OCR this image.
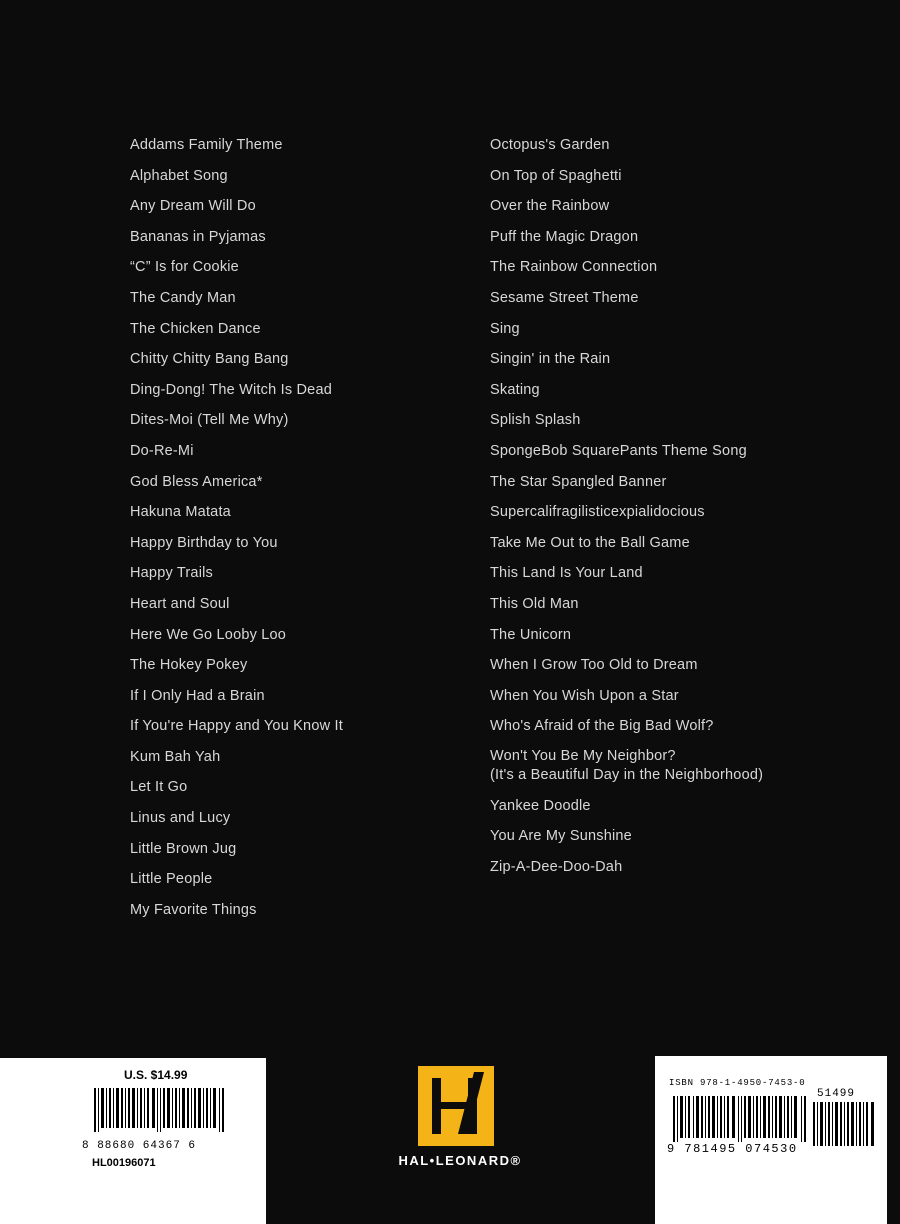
Addams Family Theme
Alphabet Song
Any Dream Will Do
Bananas in Pyjamas
“C” Is for Cookie
The Candy Man
The Chicken Dance
Chitty Chitty Bang Bang
Ding-Dong! The Witch Is Dead
Dites-Moi (Tell Me Why)
Do-Re-Mi
God Bless America*
Hakuna Matata
Happy Birthday to You
Happy Trails
Heart and Soul
Here We Go Looby Loo
The Hokey Pokey
If I Only Had a Brain
If You're Happy and You Know It
Kum Bah Yah
Let It Go
Linus and Lucy
Little Brown Jug
Little People
My Favorite Things
Octopus's Garden
On Top of Spaghetti
Over the Rainbow
Puff the Magic Dragon
The Rainbow Connection
Sesame Street Theme
Sing
Singin' in the Rain
Skating
Splish Splash
SpongeBob SquarePants Theme Song
The Star Spangled Banner
Supercalifragilisticexpialidocious
Take Me Out to the Ball Game
This Land Is Your Land
This Old Man
The Unicorn
When I Grow Too Old to Dream
When You Wish Upon a Star
Who's Afraid of the Big Bad Wolf?
Won't You Be My Neighbor?
(It's a Beautiful Day in the Neighborhood)
Yankee Doodle
You Are My Sunshine
Zip-A-Dee-Doo-Dah
U.S. $14.99
8 88680 64367 6
HL00196071	HAL•LEONARD®
ISBN 978-1-4950-7453-0
51499
9 781495 074530
